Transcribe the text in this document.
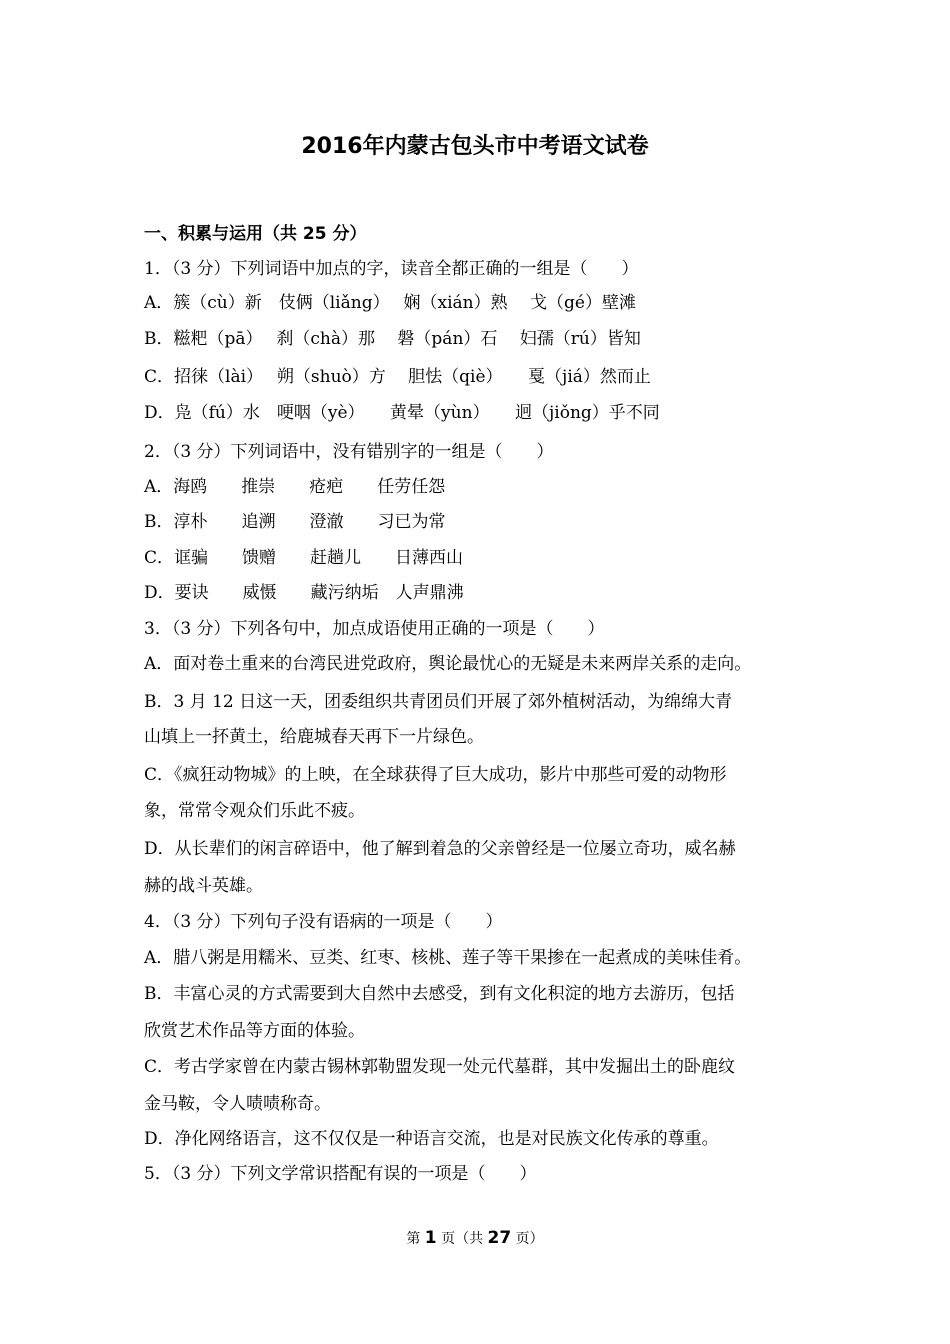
2016年内蒙古包头市中考语文试卷
一、积累与运用（共 25 分）
1．（3 分）下列词语中加点的字，读音全都正确的一组是（　　）
A．簇（cù）新　伎俩（liǎng）　 娴（xián）熟　 戈（gé）壁滩
B．糍粑（pā）　 刹（chà）那　 磐（pán）石　 妇孺（rú）皆知
C．招徕（lài）　 朔（shuò）方　 胆怯（qiè）　　戛（jiá）然而止
D．凫（fú）水　哽咽（yè）　　黄晕（yùn）　　迥（jiǒng）乎不同
2．（3 分）下列词语中，没有错别字的一组是（　　）
A．海鸥　　推崇　　疮疤　　任劳任怨
B．淳朴　　追溯　　澄澈　　习已为常
C．诓骗　　馈赠　　赶趟儿　　日薄西山
D．要诀　　威慑　　藏污纳垢　人声鼎沸
3．（3 分）下列各句中，加点成语使用正确的一项是（　　）
A．面对卷土重来的台湾民进党政府，舆论最忧心的无疑是未来两岸关系的走向。
B．3 月 12 日这一天，团委组织共青团员们开展了郊外植树活动，为绵绵大青
山填上一抔黄土，给鹿城春天再下一片绿色。
C．《疯狂动物城》的上映，在全球获得了巨大成功，影片中那些可爱的动物形
象，常常令观众们乐此不疲。
D．从长辈们的闲言碎语中，他了解到着急的父亲曾经是一位屡立奇功，威名赫
赫的战斗英雄。
4．（3 分）下列句子没有语病的一项是（　　）
A．腊八粥是用糯米、豆类、红枣、核桃、莲子等干果掺在一起煮成的美味佳肴。
B．丰富心灵的方式需要到大自然中去感受，到有文化积淀的地方去游历，包括
欣赏艺术作品等方面的体验。
C．考古学家曾在内蒙古锡林郭勒盟发现一处元代墓群，其中发掘出土的卧鹿纹
金马鞍，令人啧啧称奇。
D．净化网络语言，这不仅仅是一种语言交流，也是对民族文化传承的尊重。
5．（3 分）下列文学常识搭配有误的一项是（　　）
第 1 页（共 27 页）
